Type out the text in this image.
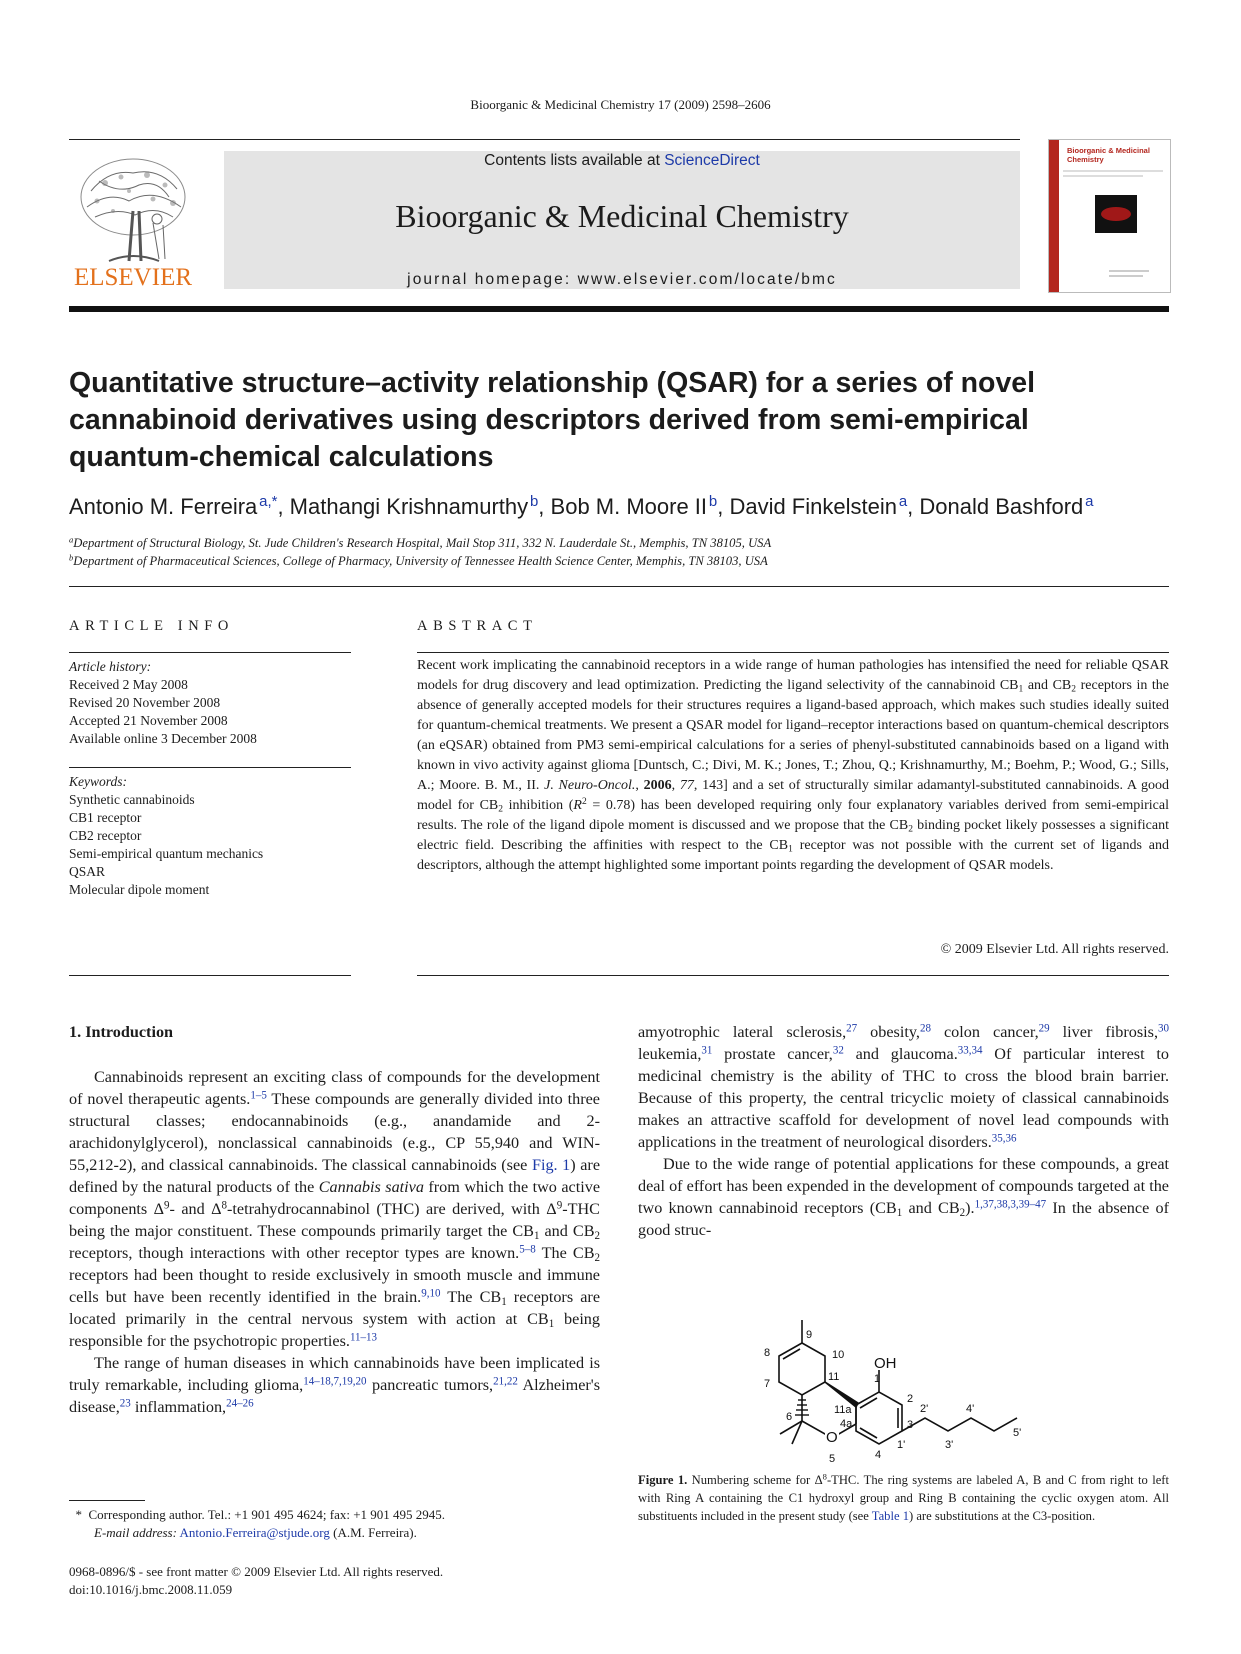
Bioorganic & Medicinal Chemistry 17 (2009) 2598–2606
ELSEVIER
Contents lists available at ScienceDirect
Bioorganic & Medicinal Chemistry
journal homepage: www.elsevier.com/locate/bmc
Bioorganic & Medicinal
Chemistry
Quantitative structure–activity relationship (QSAR) for a series of novel
cannabinoid derivatives using descriptors derived from semi-empirical
quantum-chemical calculations
Antonio M. Ferreira  $^{a,*}$, Mathangi Krishnamurthy  $^b$, Bob M. Moore II  $^b$, David Finkelstein  $^a$, Donald Bashford  $^a$
$^a$Department of Structural Biology, St. Jude Children's Research Hospital, Mail Stop 311, 332 N. Lauderdale St., Memphis, TN 38105, USA
$^b$Department of Pharmaceutical Sciences, College of Pharmacy, University of Tennessee Health Science Center, Memphis, TN 38103, USA
ARTICLE INFO
Article history:
Received 2 May 2008
Revised 20 November 2008
Accepted 21 November 2008
Available online 3 December 2008
Keywords:
Synthetic cannabinoids
CB1 receptor
CB2 receptor
Semi-empirical quantum mechanics
QSAR
Molecular dipole moment
ABSTRACT
Recent work implicating the cannabinoid receptors in a wide range of human pathologies has intensified the need for reliable QSAR models for drug discovery and lead optimization. Predicting the ligand selectivity of the cannabinoid $CB_1$ and $CB_2$ receptors in the absence of generally accepted models for their structures requires a ligand-based approach, which makes such studies ideally suited for quantum-chemical treatments. We present a QSAR model for ligand–receptor interactions based on quantum-chemical descriptors (an eQSAR) obtained from PM3 semi-empirical calculations for a series of phenyl-substituted cannabinoids based on a ligand with known in vivo activity against glioma [Duntsch, C.; Divi, M. K.; Jones, T.; Zhou, Q.; Krishnamurthy, M.; Boehm, P.; Wood, G.; Sills, A.; Moore. B. M., II. J. Neuro-Oncol., 2006, 77, 143] and a set of structurally similar adamantyl-substituted cannabinoids. A good model for $CB_2$ inhibition $(R^2 = 0.78)$ has been developed requiring only four explanatory variables derived from semi-empirical results. The role of the ligand dipole moment is discussed and we propose that the $CB_2$ binding pocket likely possesses a significant electric field. Describing the affinities with respect to the $CB_1$ receptor was not possible with the current set of ligands and descriptors, although the attempt highlighted some important points regarding the development of QSAR models.
© 2009 Elsevier Ltd. All rights reserved.
1. Introduction

Cannabinoids represent an exciting class of compounds for the development of novel therapeutic agents.$^{1-5}$ These compounds are generally divided into three structural classes; endocannabinoids (e.g., anandamide and 2-arachidonylglycerol), nonclassical cannabinoids (e.g., CP 55,940 and WIN-55,212-2), and classical cannabinoids. The classical cannabinoids (see Fig. 1) are defined by the natural products of the Cannabis sativa from which the two active components $\Delta^9-$ and $\Delta^8$-tetrahydrocannabinol (THC) are derived, with $\Delta^9$-THC being the major constituent. These compounds primarily target the $CB_1$ and $CB_2$ receptors, though interactions with other receptor types are known.$^{5-8}$ The $CB_2$ receptors had been thought to reside exclusively in smooth muscle and immune cells but have been recently identified in the brain.$^{9,10}$ The $CB_1$ receptors are located primarily in the central nervous system with action at $CB_1$ being responsible for the psychotropic properties.$^{11-13}$

The range of human diseases in which cannabinoids have been implicated is truly remarkable, including glioma,$^{14-18,7,19,20}$ pancreatic tumors,$^{21,22}$ Alzheimer's disease,$^{23}$ inflammation,$^{24-26}$

amyotrophic lateral sclerosis,$^{27}$ obesity,$^{28}$ colon cancer,$^{29}$ liver fibrosis,$^{30}$ leukemia,$^{31}$ prostate cancer,$^{32}$ and glaucoma.$^{33,34}$ Of particular interest to medicinal chemistry is the ability of THC to cross the blood brain barrier. Because of this property, the central tricyclic moiety of classical cannabinoids makes an attractive scaffold for development of novel lead compounds with applications in the treatment of neurological disorders.$^{35,36}$

Due to the wide range of potential applications for these compounds, a great deal of effort has been expended in the development of compounds targeted at the two known cannabinoid receptors ($CB_1$ and $CB_2).^{1,37,38,3,39-47}$ In the absence of good struc-

OH
O
9
8	10
7
11	1
2
11a
6
4a	3
2'	4'
1'	3'
5'
4
5
Figure 1. Numbering scheme for $\Delta^8$-THC. The ring systems are labeled A, B and C from right to left with Ring A containing the C1 hydroxyl group and Ring B containing the cyclic oxygen atom. All substituents included in the present study (see Table 1) are substitutions at the C3-position.
*  Corresponding author. Tel.: +1 901 495 4624; fax: +1 901 495 2945.
E-mail address: Antonio.Ferreira@stjude.org (A.M. Ferreira).
0968-0896/$ - see front matter © 2009 Elsevier Ltd. All rights reserved.
doi:10.1016/j.bmc.2008.11.059
